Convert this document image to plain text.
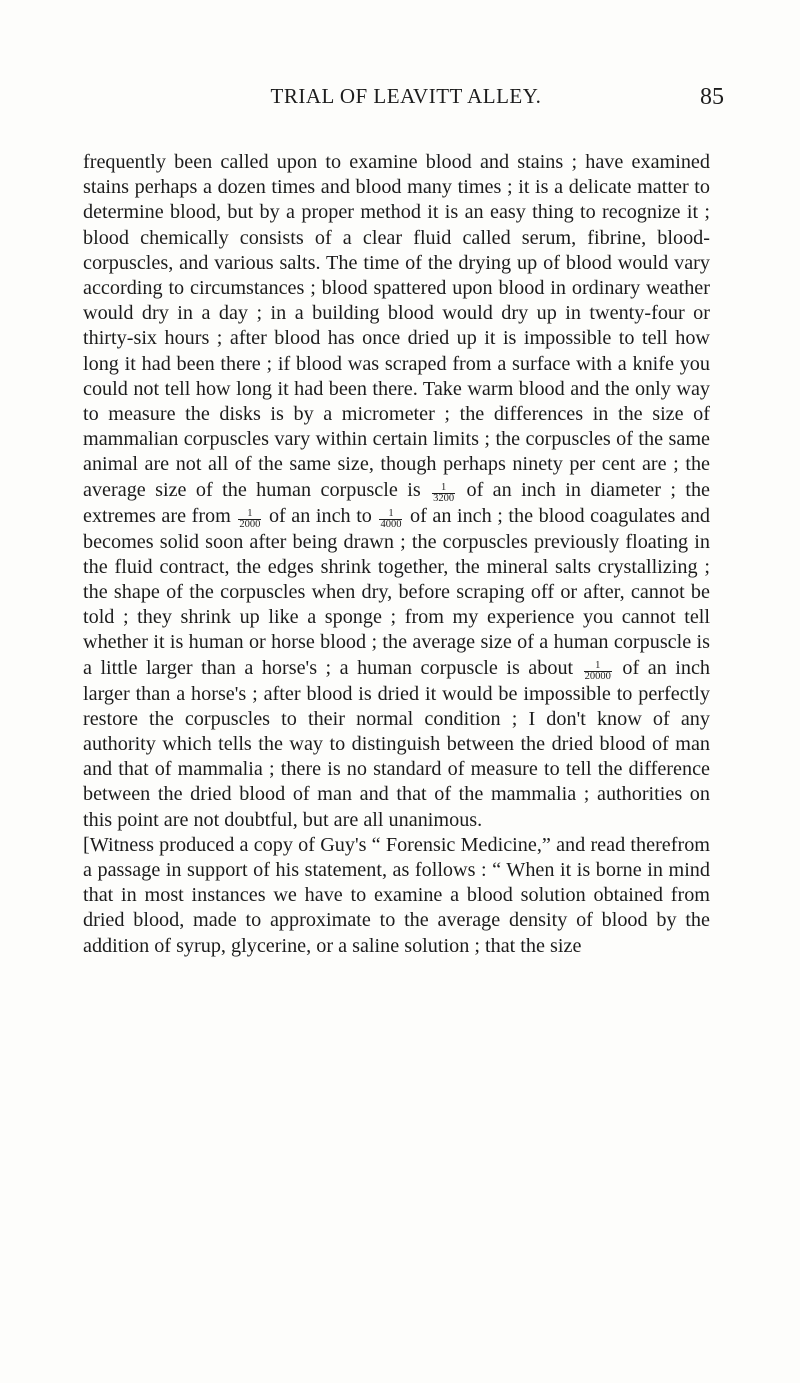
TRIAL OF LEAVITT ALLEY.	85

frequently been called upon to examine blood and stains ; have examined stains perhaps a dozen times and blood many times ; it is a delicate matter to determine blood, but by a proper method it is an easy thing to recognize it ; blood chemically consists of a clear fluid called serum, fibrine, blood-corpuscles, and various salts. The time of the drying up of blood would vary according to circumstances ; blood spattered upon blood in ordinary weather would dry in a day ; in a building blood would dry up in twenty-four or thirty-six hours ; after blood has once dried up it is impossible to tell how long it had been there ; if blood was scraped from a surface with a knife you could not tell how long it had been there. Take warm blood and the only way to measure the disks is by a micrometer ; the differences in the size of mammalian corpuscles vary within certain limits ; the corpuscles of the same animal are not all of the same size, though perhaps ninety per cent are ; the average size of the human corpuscle is $\frac{1}{3200}$ of an inch in diameter ; the extremes are from $\frac{1}{2000}$ of an inch to $\frac{1}{4000}$ of an inch ; the blood coagulates and becomes solid soon after being drawn ; the corpuscles previously floating in the fluid contract, the edges shrink together, the mineral salts crystallizing ; the shape of the corpuscles when dry, before scraping off or after, cannot be told ; they shrink up like a sponge ; from my experience you cannot tell whether it is human or horse blood ; the average size of a human corpuscle is a little larger than a horse's ; a human corpuscle is about $\frac{1}{20000}$ of an inch larger than a horse's ; after blood is dried it would be impossible to perfectly restore the corpuscles to their normal condition ; I don't know of any authority which tells the way to distinguish between the dried blood of man and that of mammalia ; there is no standard of measure to tell the difference between the dried blood of man and that of the mammalia ; authorities on this point are not doubtful, but are all unanimous.

[Witness produced a copy of Guy's “ Forensic Medicine,” and read therefrom a passage in support of his statement, as follows : “ When it is borne in mind that in most instances we have to examine a blood solution obtained from dried blood, made to approximate to the average density of blood by the addition of syrup, glycerine, or a saline solution ; that the size
